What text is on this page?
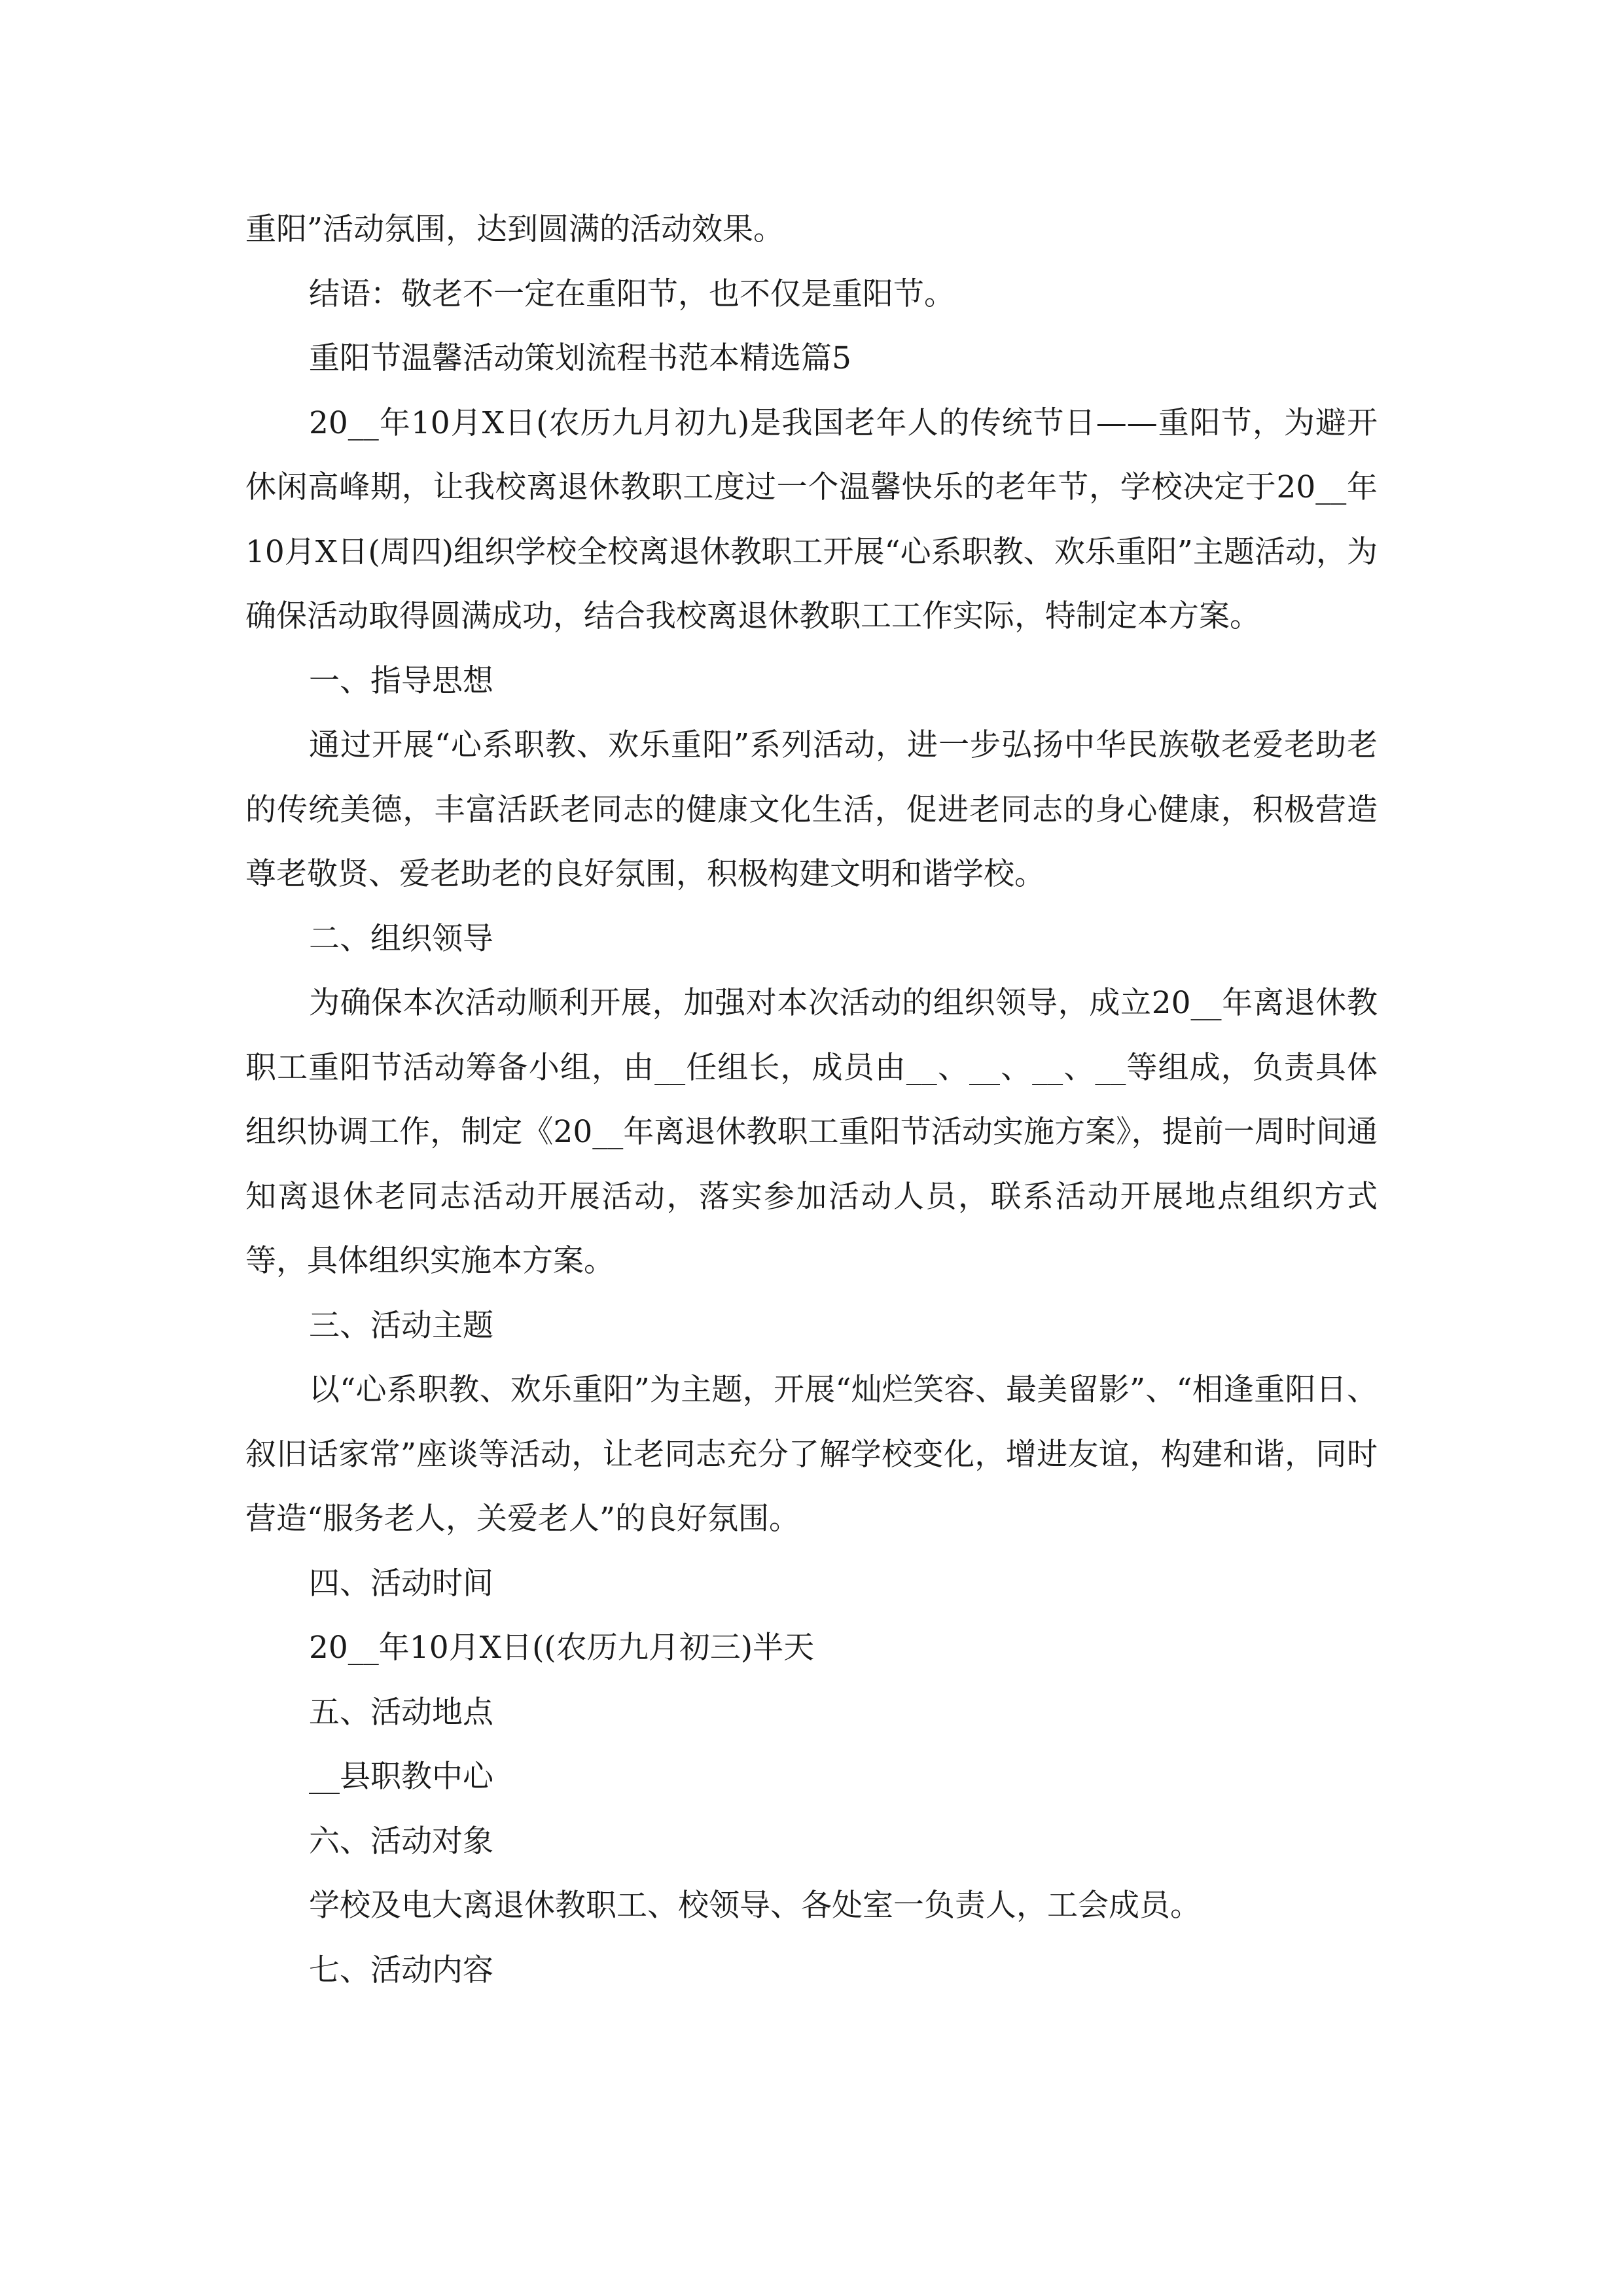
重阳”活动氛围，达到圆满的活动效果。

结语：敬老不一定在重阳节，也不仅是重阳节。

重阳节温馨活动策划流程书范本精选篇5

20__年10月X日(农历九月初九)是我国老年人的传统节日——重阳节，为避开休闲高峰期，让我校离退休教职工度过一个温馨快乐的老年节，学校决定于20__年10月X日(周四)组织学校全校离退休教职工开展“心系职教、欢乐重阳”主题活动，为确保活动取得圆满成功，结合我校离退休教职工工作实际，特制定本方案。

一、指导思想

通过开展“心系职教、欢乐重阳”系列活动，进一步弘扬中华民族敬老爱老助老的传统美德，丰富活跃老同志的健康文化生活，促进老同志的身心健康，积极营造尊老敬贤、爱老助老的良好氛围，积极构建文明和谐学校。

二、组织领导

为确保本次活动顺利开展，加强对本次活动的组织领导，成立20__年离退休教职工重阳节活动筹备小组，由__任组长，成员由__、__、__、__等组成，负责具体组织协调工作，制定《20__年离退休教职工重阳节活动实施方案》，提前一周时间通知离退休老同志活动开展活动，落实参加活动人员，联系活动开展地点组织方式等，具体组织实施本方案。

三、活动主题

以“心系职教、欢乐重阳”为主题，开展“灿烂笑容、最美留影”、“相逢重阳日、叙旧话家常”座谈等活动，让老同志充分了解学校变化，增进友谊，构建和谐，同时营造“服务老人，关爱老人”的良好氛围。

四、活动时间

20__年10月X日((农历九月初三)半天

五、活动地点

__县职教中心

六、活动对象

学校及电大离退休教职工、校领导、各处室一负责人，工会成员。

七、活动内容
